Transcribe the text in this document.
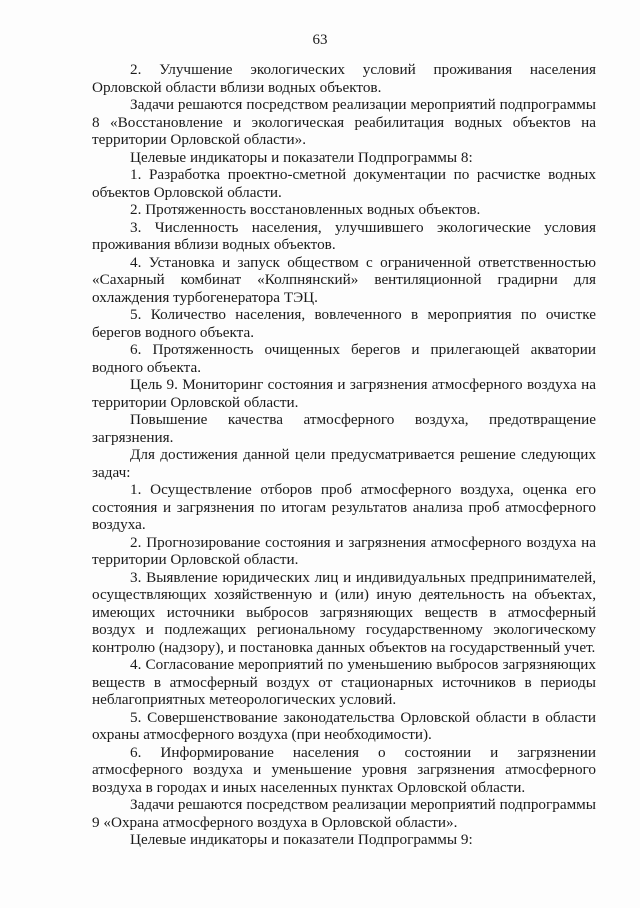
63

2. Улучшение экологических условий проживания населения Орловской области вблизи водных объектов.

Задачи решаются посредством реализации мероприятий подпрограммы 8 «Восстановление и экологическая реабилитация водных объектов на территории Орловской области».

Целевые индикаторы и показатели Подпрограммы 8:

1. Разработка проектно-сметной документации по расчистке водных объектов Орловской области.

2. Протяженность восстановленных водных объектов.

3. Численность населения, улучшившего экологические условия проживания вблизи водных объектов.

4. Установка и запуск обществом с ограниченной ответственностью «Сахарный комбинат «Колпнянский» вентиляционной градирни для охлаждения турбогенератора ТЭЦ.

5. Количество населения, вовлеченного в мероприятия по очистке берегов водного объекта.

6. Протяженность очищенных берегов и прилегающей акватории водного объекта.

Цель 9. Мониторинг состояния и загрязнения атмосферного воздуха на территории Орловской области.

Повышение качества атмосферного воздуха, предотвращение загрязнения.

Для достижения данной цели предусматривается решение следующих задач:

1. Осуществление отборов проб атмосферного воздуха, оценка его состояния и загрязнения по итогам результатов анализа проб атмосферного воздуха.

2. Прогнозирование состояния и загрязнения атмосферного воздуха на территории Орловской области.

3. Выявление юридических лиц и индивидуальных предпринимателей, осуществляющих хозяйственную и (или) иную деятельность на объектах, имеющих источники выбросов загрязняющих веществ в атмосферный воздух и подлежащих региональному государственному экологическому контролю (надзору), и постановка данных объектов на государственный учет.

4. Согласование мероприятий по уменьшению выбросов загрязняющих веществ в атмосферный воздух от стационарных источников в периоды неблагоприятных метеорологических условий.

5. Совершенствование законодательства Орловской области в области охраны атмосферного воздуха (при необходимости).

6. Информирование населения о состоянии и загрязнении атмосферного воздуха и уменьшение уровня загрязнения атмосферного воздуха в городах и иных населенных пунктах Орловской области.

Задачи решаются посредством реализации мероприятий подпрограммы 9 «Охрана атмосферного воздуха в Орловской области».

Целевые индикаторы и показатели Подпрограммы 9:
